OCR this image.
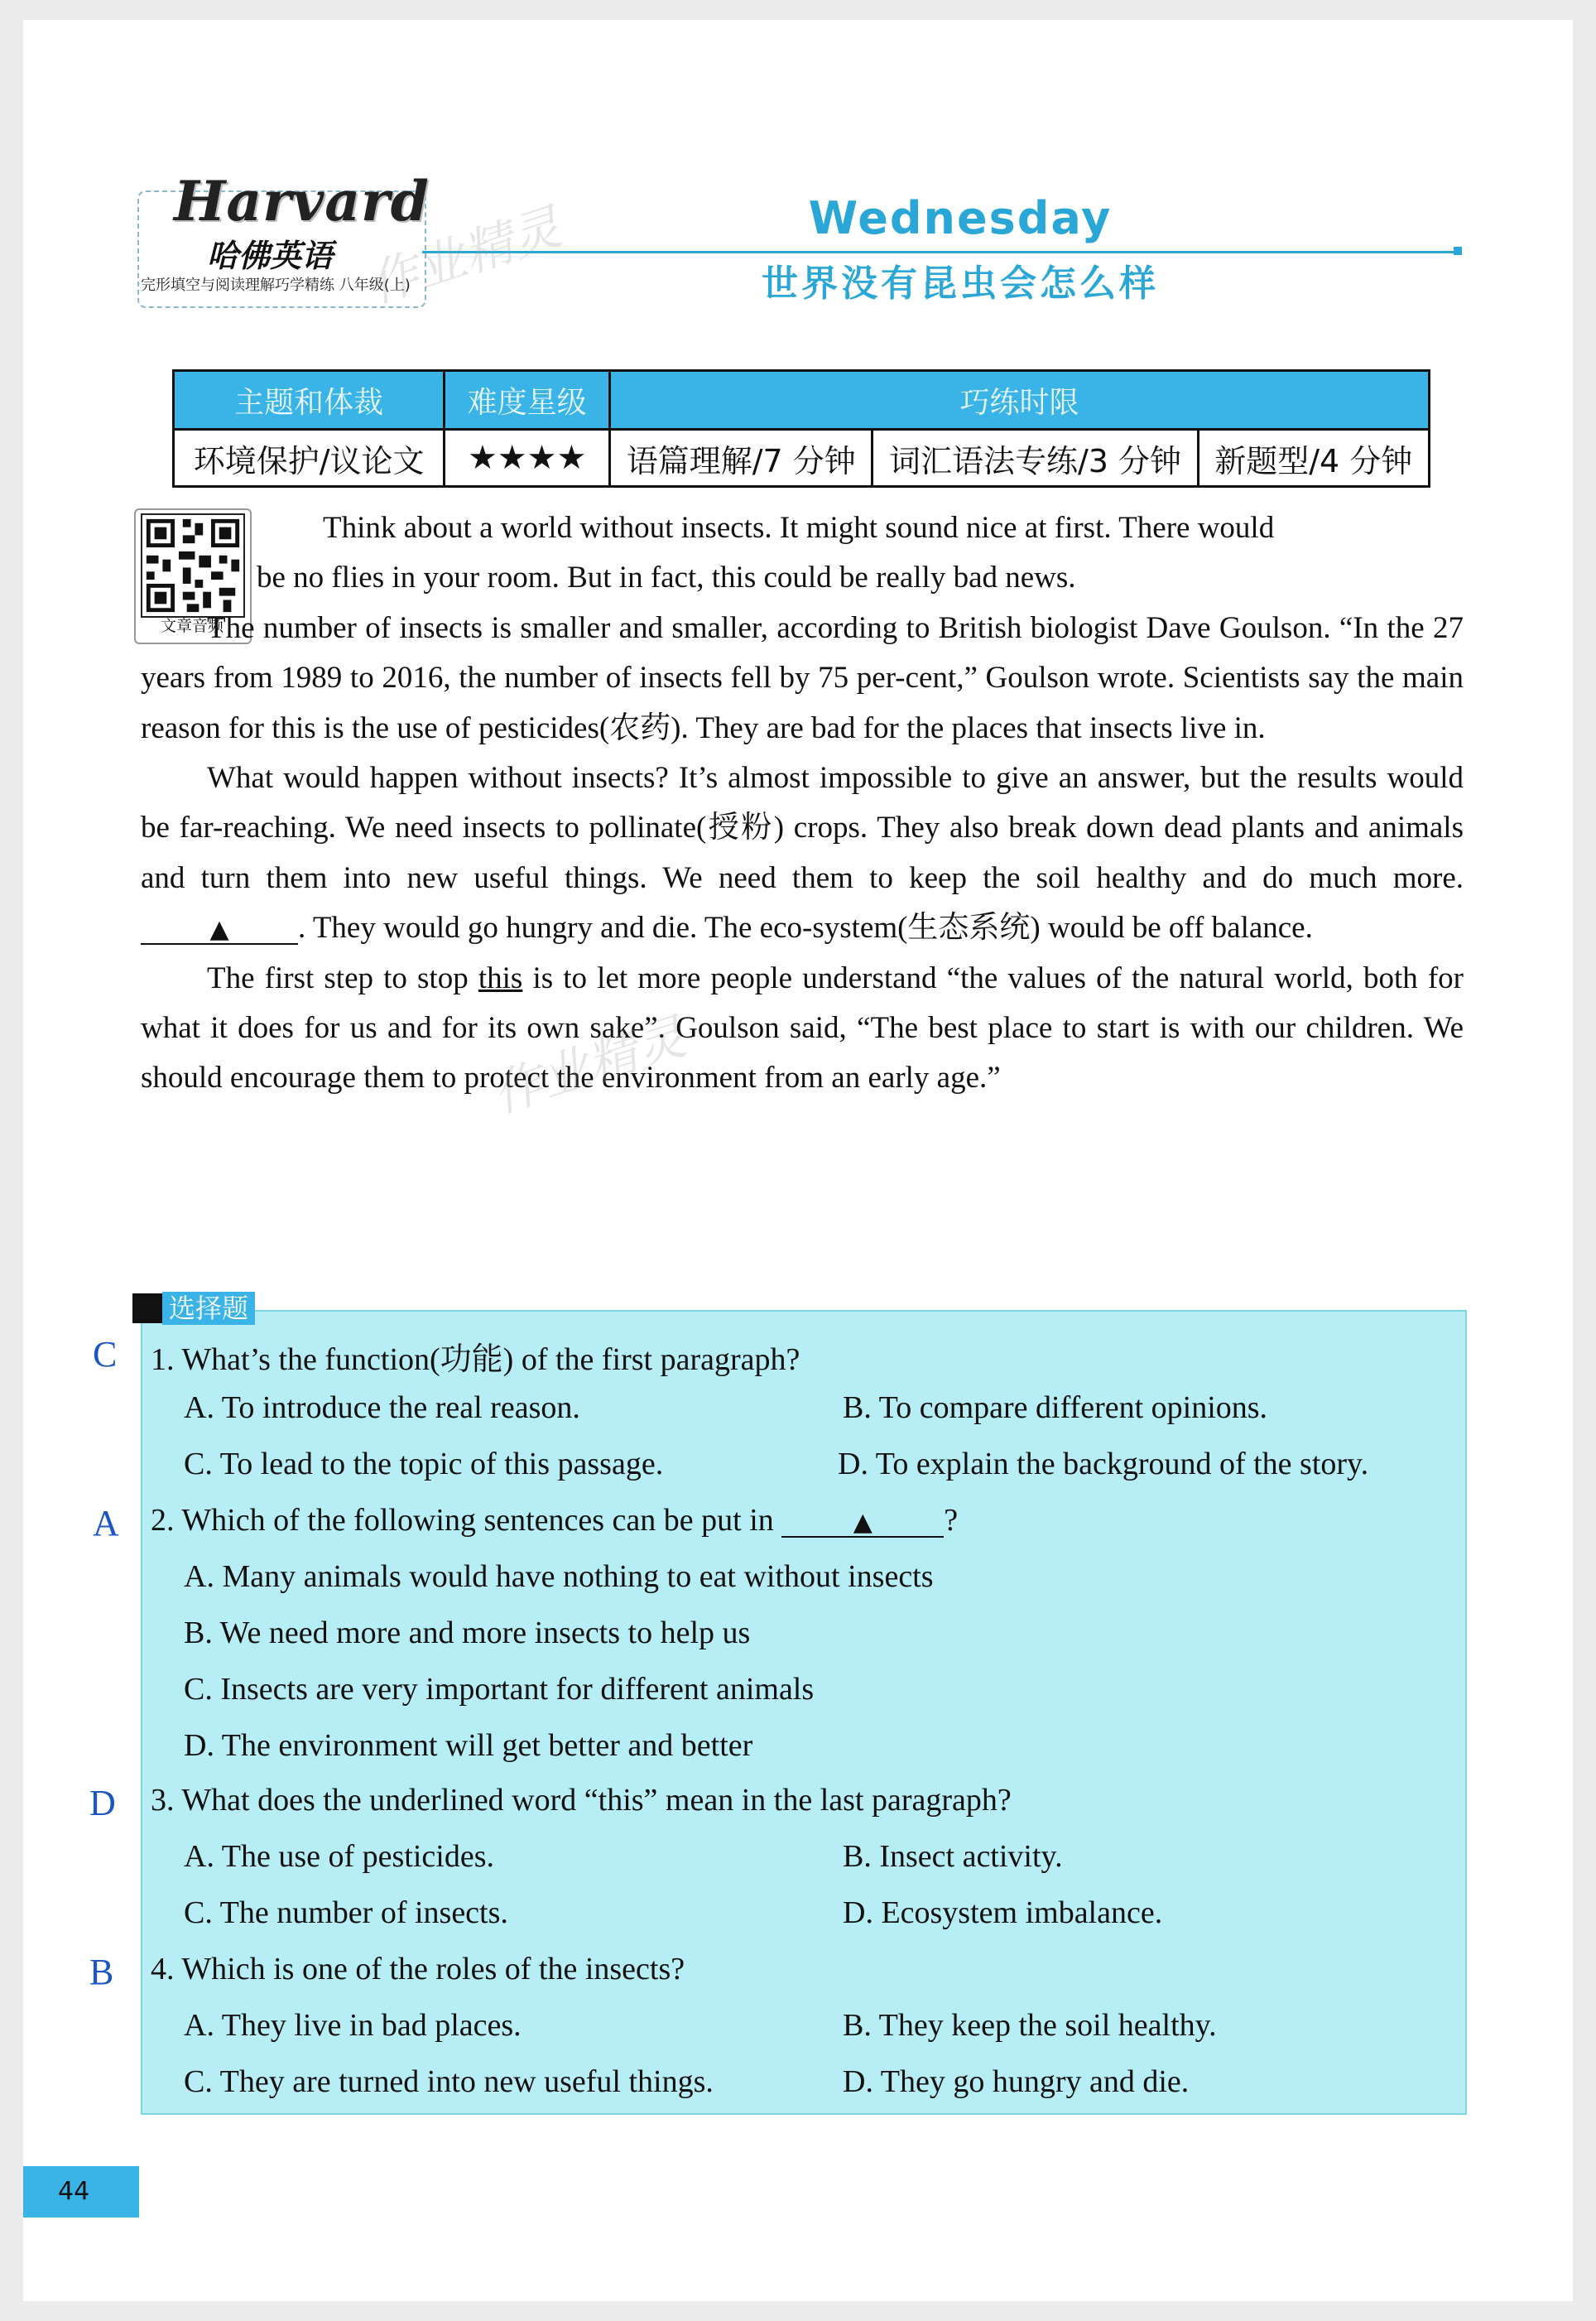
Harvard
哈佛英语
完形填空与阅读理解巧学精练 八年级(上)
Wednesday
世界没有昆虫会怎么样
主题和体裁	难度星级	巧练时限		
环境保护/议论文	★★★★	语篇理解/7 分钟	词汇语法专练/3 分钟	新题型/4 分钟
文章音频

Think about a world without insects. It might sound nice at first. There would
be no flies in your room. But in fact, this could be really bad news.

The number of insects is smaller and smaller, according to British biologist Dave Goulson. “In the 27 years from 1989 to 2016, the number of insects fell by 75 per-cent,” Goulson wrote. Scientists say the main reason for this is the use of pesticides(农药). They are bad for the places that insects live in.

What would happen without insects? It’s almost impossible to give an answer, but the results would be far-reaching. We need insects to pollinate(授粉) crops. They also break down dead plants and animals and turn them into new useful things. We need them to keep the soil healthy and do much more. ▲ . They would go hungry and die. The eco-system(生态系统) would be off balance.

The first step to stop this is to let more people understand “the values of the natural world, both for what it does for us and for its own sake”. Goulson said, “The best place to start is with our children. We should encourage them to protect the environment from an early age.”

选择题
C 1. What’s the function(功能) of the first paragraph?
A. To introduce the real reason.	B. To compare different opinions.
C. To lead to the topic of this passage.	D. To explain the background of the story.
A 2. Which of the following sentences can be put in	▲ ?
A. Many animals would have nothing to eat without insects
B. We need more and more insects to help us
C. Insects are very important for different animals
D. The environment will get better and better
D 3. What does the underlined word “this” mean in the last paragraph?
A. The use of pesticides.	B. Insect activity.
C. The number of insects.	D. Ecosystem imbalance.
B 4. Which is one of the roles of the insects?
A. They live in bad places.	B. They keep the soil healthy.
C. They are turned into new useful things.	D. They go hungry and die.
作业精灵
作业精灵
44
